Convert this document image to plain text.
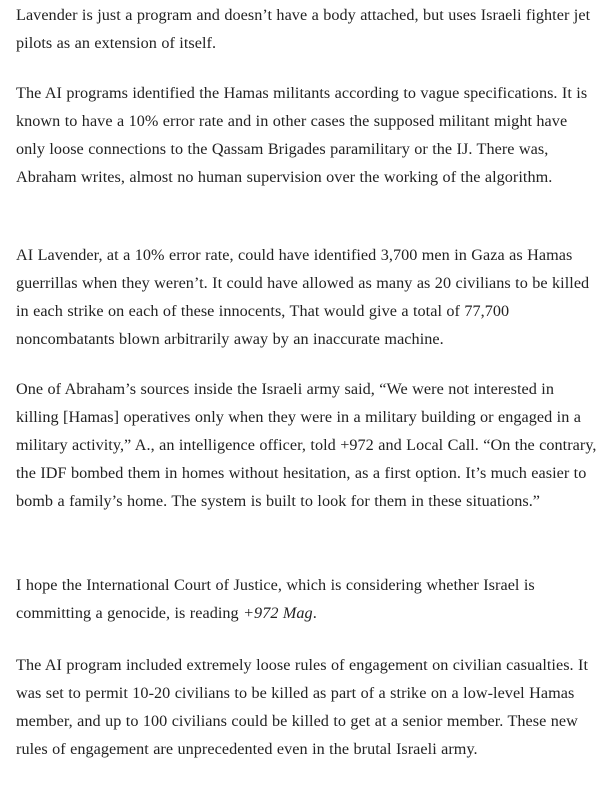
Lavender is just a program and doesn’t have a body attached, but uses Israeli fighter jet pilots as an extension of itself.

The AI programs identified the Hamas militants according to vague specifications. It is known to have a 10% error rate and in other cases the supposed militant might have only loose connections to the Qassam Brigades paramilitary or the IJ. There was, Abraham writes, almost no human supervision over the working of the algorithm.

AI Lavender, at a 10% error rate, could have identified 3,700 men in Gaza as Hamas guerrillas when they weren’t. It could have allowed as many as 20 civilians to be killed in each strike on each of these innocents, That would give a total of 77,700 noncombatants blown arbitrarily away by an inaccurate machine.

One of Abraham’s sources inside the Israeli army said, “We were not interested in killing [Hamas] operatives only when they were in a military building or engaged in a military activity,” A., an intelligence officer, told +972 and Local Call. “On the contrary, the IDF bombed them in homes without hesitation, as a first option. It’s much easier to bomb a family’s home. The system is built to look for them in these situations.”

I hope the International Court of Justice, which is considering whether Israel is committing a genocide, is reading +972 Mag.

The AI program included extremely loose rules of engagement on civilian casualties. It was set to permit 10-20 civilians to be killed as part of a strike on a low-level Hamas member, and up to 100 civilians could be killed to get at a senior member. These new rules of engagement are unprecedented even in the brutal Israeli army.
